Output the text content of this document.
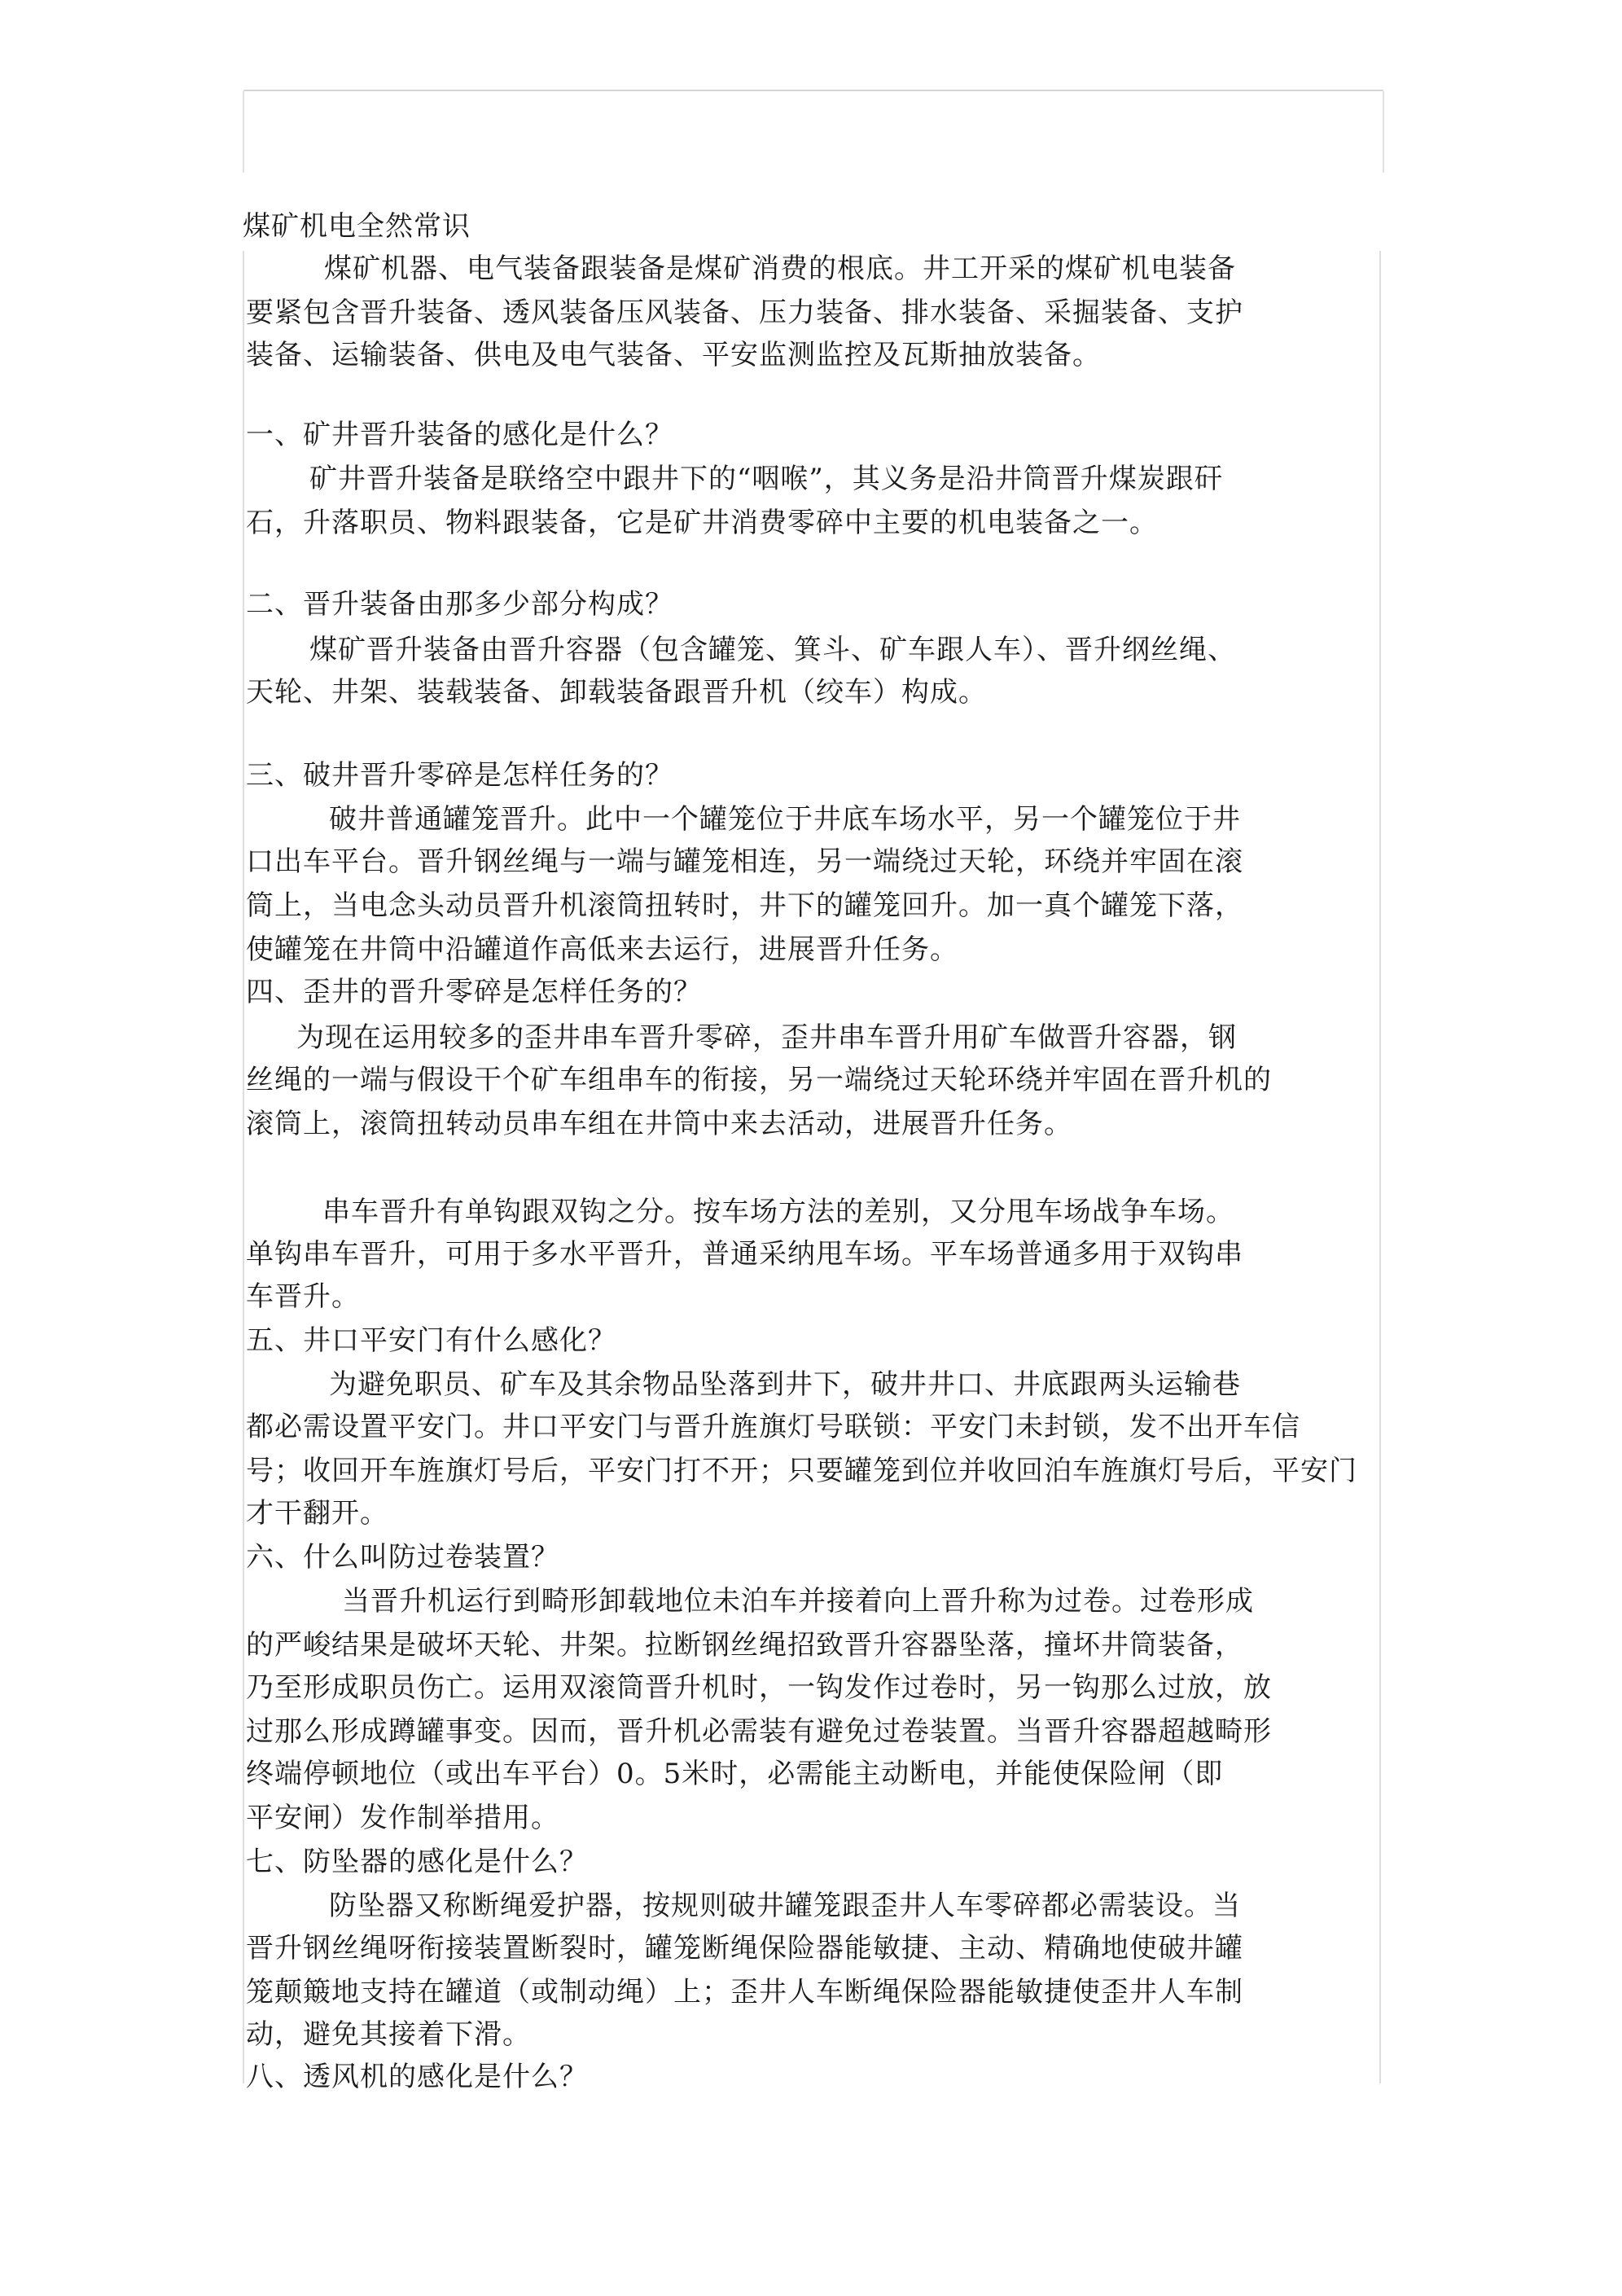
煤矿机电全然常识
煤矿机器、电气装备跟装备是煤矿消费的根底。井工开采的煤矿机电装备
要紧包含晋升装备、透风装备压风装备、压力装备、排水装备、采掘装备、支护
装备、运输装备、供电及电气装备、平安监测监控及瓦斯抽放装备。
一、矿井晋升装备的感化是什么？
矿井晋升装备是联络空中跟井下的“咽喉”，其义务是沿井筒晋升煤炭跟矸
石，升落职员、物料跟装备，它是矿井消费零碎中主要的机电装备之一。
二、晋升装备由那多少部分构成？
煤矿晋升装备由晋升容器（包含罐笼、箕斗、矿车跟人车）、晋升纲丝绳、
天轮、井架、装载装备、卸载装备跟晋升机（绞车）构成。
三、破井晋升零碎是怎样任务的？
破井普通罐笼晋升。此中一个罐笼位于井底车场水平，另一个罐笼位于井
口出车平台。晋升钢丝绳与一端与罐笼相连，另一端绕过天轮，环绕并牢固在滚
筒上，当电念头动员晋升机滚筒扭转时，井下的罐笼回升。加一真个罐笼下落，
使罐笼在井筒中沿罐道作高低来去运行，进展晋升任务。
四、歪井的晋升零碎是怎样任务的？
为现在运用较多的歪井串车晋升零碎，歪井串车晋升用矿车做晋升容器，钢
丝绳的一端与假设干个矿车组串车的衔接，另一端绕过天轮环绕并牢固在晋升机的
滚筒上，滚筒扭转动员串车组在井筒中来去活动，进展晋升任务。
串车晋升有单钩跟双钩之分。按车场方法的差别，又分甩车场战争车场。
单钩串车晋升，可用于多水平晋升，普通采纳甩车场。平车场普通多用于双钩串
车晋升。
五、井口平安门有什么感化？
为避免职员、矿车及其余物品坠落到井下，破井井口、井底跟两头运输巷
都必需设置平安门。井口平安门与晋升旌旗灯号联锁：平安门未封锁，发不出开车信
号；收回开车旌旗灯号后，平安门打不开；只要罐笼到位并收回泊车旌旗灯号后，平安门
才干翻开。
六、什么叫防过卷装置？
当晋升机运行到畸形卸载地位未泊车并接着向上晋升称为过卷。过卷形成
的严峻结果是破坏天轮、井架。拉断钢丝绳招致晋升容器坠落，撞坏井筒装备，
乃至形成职员伤亡。运用双滚筒晋升机时，一钩发作过卷时，另一钩那么过放，放
过那么形成蹲罐事变。因而，晋升机必需装有避免过卷装置。当晋升容器超越畸形
终端停顿地位（或出车平台）0。5米时，必需能主动断电，并能使保险闸（即
平安闸）发作制举措用。
七、防坠器的感化是什么？
防坠器又称断绳爱护器，按规则破井罐笼跟歪井人车零碎都必需装设。当
晋升钢丝绳呀衔接装置断裂时，罐笼断绳保险器能敏捷、主动、精确地使破井罐
笼颠簸地支持在罐道（或制动绳）上；歪井人车断绳保险器能敏捷使歪井人车制
动，避免其接着下滑。
八、透风机的感化是什么？
